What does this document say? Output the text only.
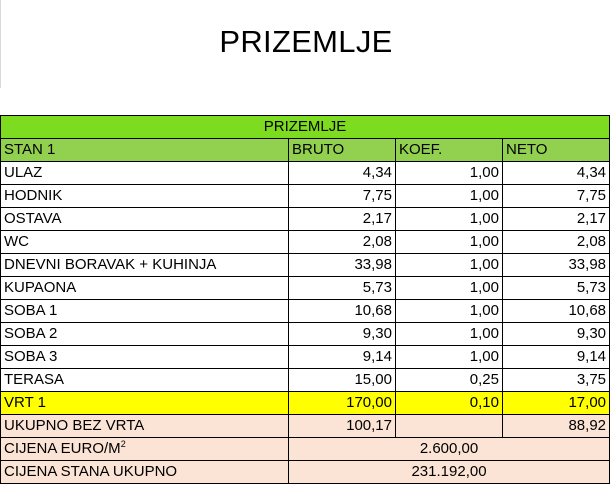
PRIZEMLJE
PRIZEMLJE			
STAN 1	BRUTO	KOEF.	NETO
ULAZ	4,34	1,00	4,34
HODNIK	7,75	1,00	7,75
OSTAVA	2,17	1,00	2,17
WC	2,08	1,00	2,08
DNEVNI BORAVAK + KUHINJA	33,98	1,00	33,98
KUPAONA	5,73	1,00	5,73
SOBA 1	10,68	1,00	10,68
SOBA 2	9,30	1,00	9,30
SOBA 3	9,14	1,00	9,14
TERASA	15,00	0,25	3,75
VRT 1	170,00	0,10	17,00
UKUPNO BEZ VRTA	100,17		88,92
CIJENA EURO/$M^2$	2.600,00		
CIJENA STANA UKUPNO	231.192,00		
